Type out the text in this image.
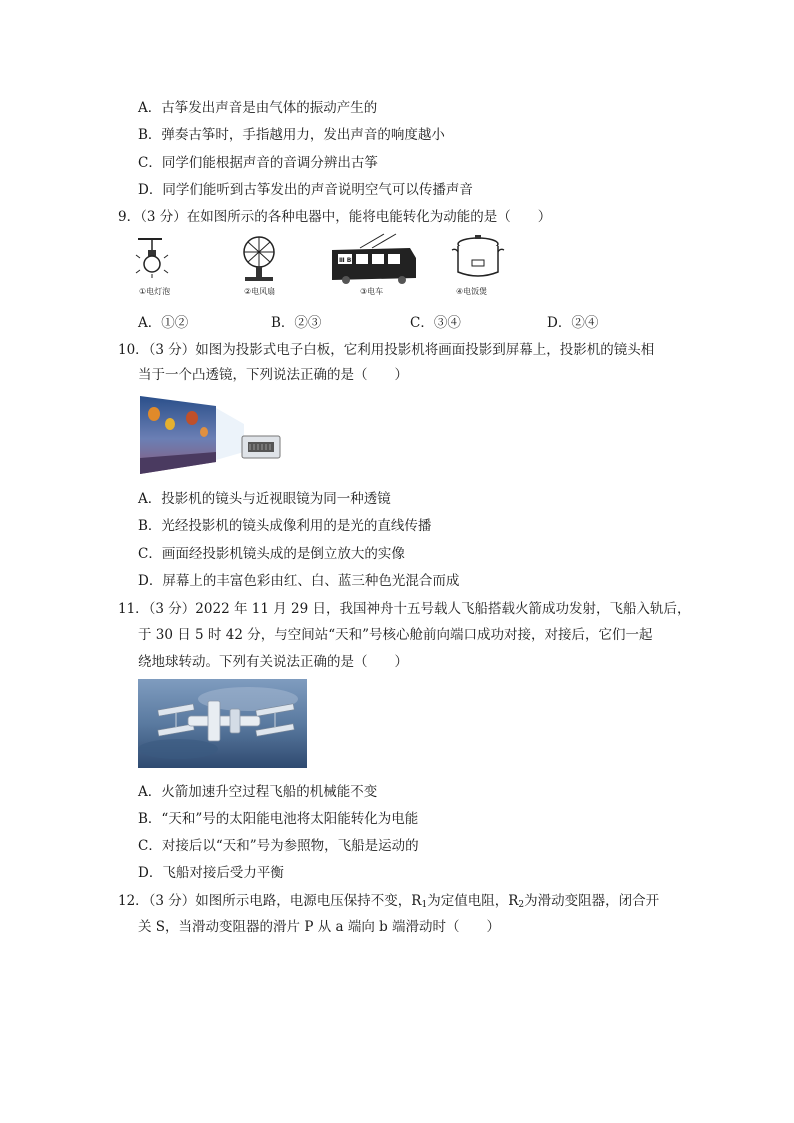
A．古筝发出声音是由气体的振动产生的
B．弹奏古筝时，手指越用力，发出声音的响度越小
C．同学们能根据声音的音调分辨出古筝
D．同学们能听到古筝发出的声音说明空气可以传播声音
9．（3 分）在如图所示的各种电器中，能将电能转化为动能的是（　　）
①电灯泡	②电风扇
Ⅲ BE
③电车	④电饭煲
A．①②	B．②③	C．③④	D．②④
10．（3 分）如图为投影式电子白板，它利用投影机将画面投影到屏幕上，投影机的镜头相
当于一个凸透镜，下列说法正确的是（　　）
A．投影机的镜头与近视眼镜为同一种透镜
B．光经投影机的镜头成像利用的是光的直线传播
C．画面经投影机镜头成的是倒立放大的实像
D．屏幕上的丰富色彩由红、白、蓝三种色光混合而成
11．（3 分）2022 年 11 月 29 日，我国神舟十五号载人飞船搭载火箭成功发射，飞船入轨后，
于 30 日 5 时 42 分，与空间站“天和”号核心舱前向端口成功对接，对接后，它们一起
绕地球转动。下列有关说法正确的是（　　）
A．火箭加速升空过程飞船的机械能不变
B．“天和”号的太阳能电池将太阳能转化为电能
C．对接后以“天和”号为参照物，飞船是运动的
D．飞船对接后受力平衡
12．（3 分）如图所示电路，电源电压保持不变，$R_1$为定值电阻，$R_2$为滑动变阻器，闭合开
关 S，当滑动变阻器的滑片 P 从 a 端向 b 端滑动时（　　）
